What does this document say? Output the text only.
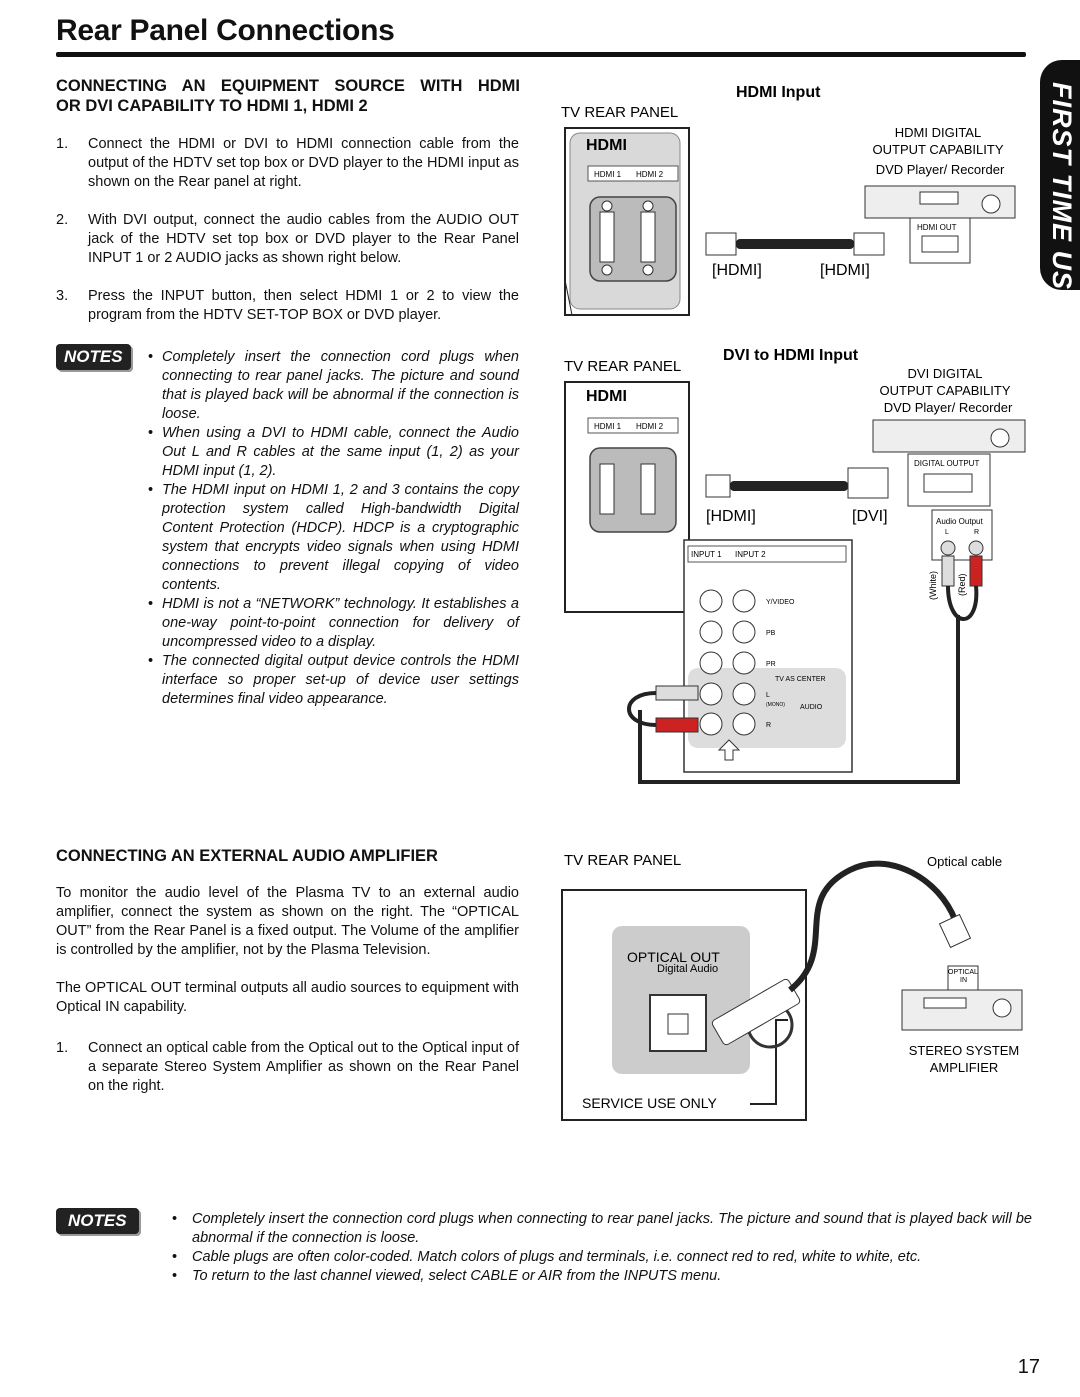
Rear Panel Connections
FIRST TIME USE
CONNECTING AN EQUIPMENT SOURCE WITH HDMI
OR DVI CAPABILITY TO HDMI 1, HDMI 2
1. Connect the HDMI or DVI to HDMI connection cable from the output of the HDTV set top box or DVD player to the HDMI input as shown on the Rear panel at right.
2. With DVI output, connect the audio cables from the AUDIO OUT jack of the HDTV set top box or DVD player to the Rear Panel INPUT 1 or 2 AUDIO jacks as shown right below.
3. Press the INPUT button, then select HDMI 1 or 2 to view the program from the HDTV SET-TOP BOX or DVD player.
NOTES	• Completely insert the connection cord plugs when connecting to rear panel jacks. The picture and sound that is played back will be abnormal if the connection is loose.
• When using a DVI to HDMI cable, connect the Audio Out L and R cables at the same input (1, 2) as your HDMI input (1, 2).
• The HDMI input on HDMI 1, 2 and 3 contains the copy protection system called High-bandwidth Digital Content Protection (HDCP). HDCP is a cryptographic system that encrypts video signals when using HDMI connections to prevent illegal copying of video contents.
• HDMI is not a “NETWORK” technology. It establishes a one-way point-to-point connection for delivery of uncompressed video to a display.
• The connected digital output device controls the HDMI interface so proper set-up of device user settings determines final video appearance.
TV REAR PANEL
HDMI Input
HDMI
HDMI 1 HDMI 2
HDMI DIGITAL
OUTPUT CAPABILITY
DVD Player/ Recorder
HDMI OUT
[HDMI]	[HDMI]
TV REAR PANEL
DVI to HDMI Input
HDMI
HDMI 1 HDMI 2
DVI DIGITAL
OUTPUT CAPABILITY
DVD Player/ Recorder
DIGITAL OUTPUT
[HDMI]	[DVI]	Audio Output
L	R
(White) (Red)
INPUT 1 INPUT 2
Y/VIDEO
PB
PR
TV AS CENTER
L
(MONO) AUDIO
R
CONNECTING AN EXTERNAL AUDIO AMPLIFIER
To monitor the audio level of the Plasma TV to an external audio amplifier, connect the system as shown on the right. The “OPTICAL OUT” from the Rear Panel is a fixed output. The Volume of the amplifier is controlled by the amplifier, not by the Plasma Television.
The OPTICAL OUT terminal outputs all audio sources to equipment with Optical IN capability.
1. Connect an optical cable from the Optical out to the Optical input of a separate Stereo System Amplifier as shown on the Rear Panel on the right.
TV REAR PANEL	Optical cable
OPTICAL OUT
Digital Audio
SERVICE USE ONLY
OPTICAL
IN
STEREO SYSTEM
AMPLIFIER
NOTES	• Completely insert the connection cord plugs when connecting to rear panel jacks. The picture and sound that is played back will be abnormal if the connection is loose.
• Cable plugs are often color-coded. Match colors of plugs and terminals, i.e. connect red to red, white to white, etc.
• To return to the last channel viewed, select CABLE or AIR from the INPUTS menu.
17
